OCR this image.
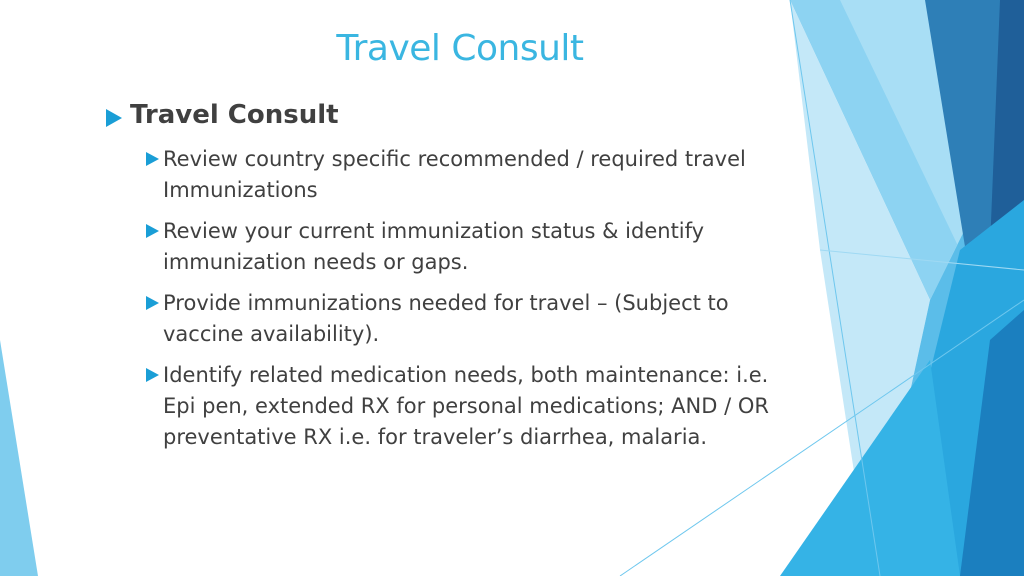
Travel Consult
Travel Consult
Review country specific recommended / required travel Immunizations
Review your current immunization status & identify immunization needs or gaps.
Provide immunizations needed for travel – (Subject to vaccine availability).
Identify related medication needs, both maintenance: i.e. Epi pen, extended RX for personal medications; AND / OR preventative RX i.e. for traveler’s diarrhea, malaria.
